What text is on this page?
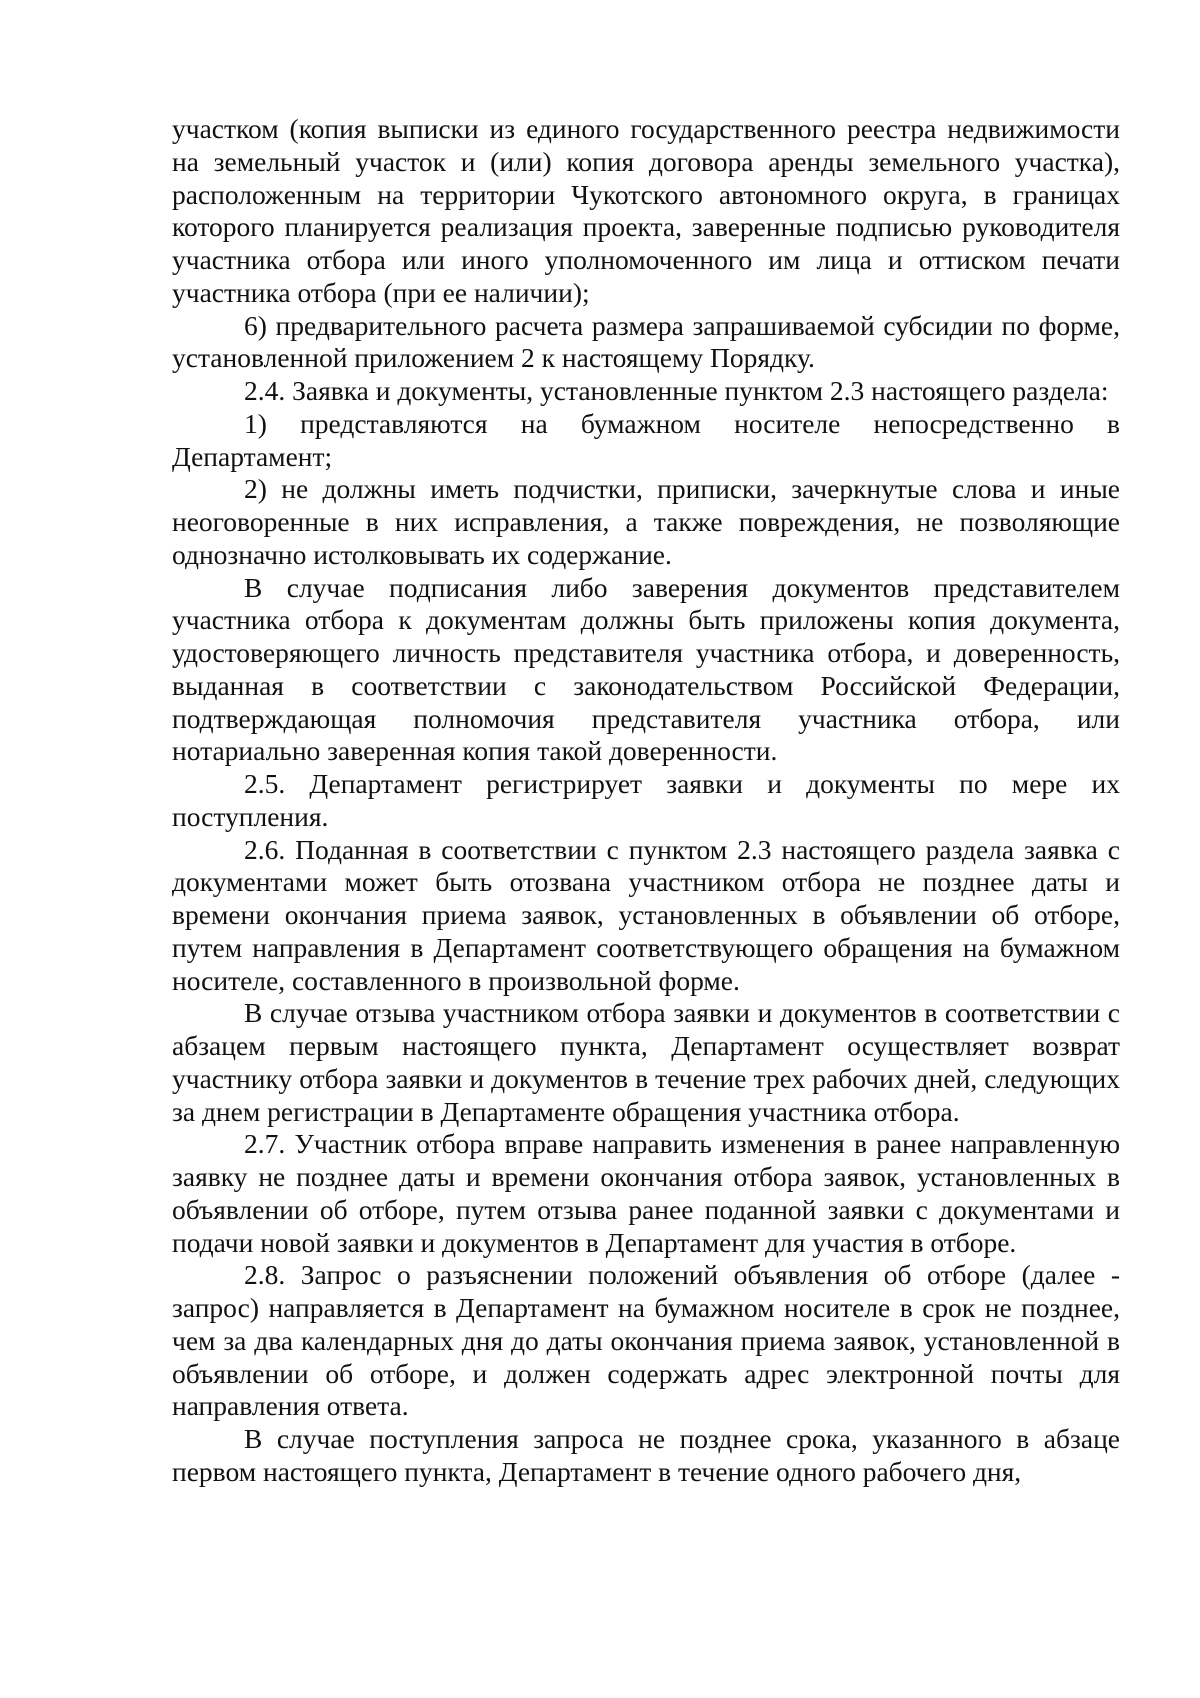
участком (копия выписки из единого государственного реестра недвижимости на земельный участок и (или) копия договора аренды земельного участка), расположенным на территории Чукотского автономного округа, в границах которого планируется реализация проекта, заверенные подписью руководителя участника отбора или иного уполномоченного им лица и оттиском печати участника отбора (при ее наличии);

6) предварительного расчета размера запрашиваемой субсидии по форме, установленной приложением 2 к настоящему Порядку.

2.4. Заявка и документы, установленные пунктом 2.3 настоящего раздела:

1) представляются на бумажном носителе непосредственно в Департамент;

2) не должны иметь подчистки, приписки, зачеркнутые слова и иные неоговоренные в них исправления, а также повреждения, не позволяющие однозначно истолковывать их содержание.

В случае подписания либо заверения документов представителем участника отбора к документам должны быть приложены копия документа, удостоверяющего личность представителя участника отбора, и доверенность, выданная в соответствии с законодательством Российской Федерации, подтверждающая полномочия представителя участника отбора, или нотариально заверенная копия такой доверенности.

2.5. Департамент регистрирует заявки и документы по мере их поступления.

2.6. Поданная в соответствии с пунктом 2.3 настоящего раздела заявка с документами может быть отозвана участником отбора не позднее даты и времени окончания приема заявок, установленных в объявлении об отборе, путем направления в Департамент соответствующего обращения на бумажном носителе, составленного в произвольной форме.

В случае отзыва участником отбора заявки и документов в соответствии с абзацем первым настоящего пункта, Департамент осуществляет возврат участнику отбора заявки и документов в течение трех рабочих дней, следующих за днем регистрации в Департаменте обращения участника отбора.

2.7. Участник отбора вправе направить изменения в ранее направленную заявку не позднее даты и времени окончания отбора заявок, установленных в объявлении об отборе, путем отзыва ранее поданной заявки с документами и подачи новой заявки и документов в Департамент для участия в отборе.

2.8. Запрос о разъяснении положений объявления об отборе (далее - запрос) направляется в Департамент на бумажном носителе в срок не позднее, чем за два календарных дня до даты окончания приема заявок, установленной в объявлении об отборе, и должен содержать адрес электронной почты для направления ответа.

В случае поступления запроса не позднее срока, указанного в абзаце первом настоящего пункта, Департамент в течение одного рабочего дня,
